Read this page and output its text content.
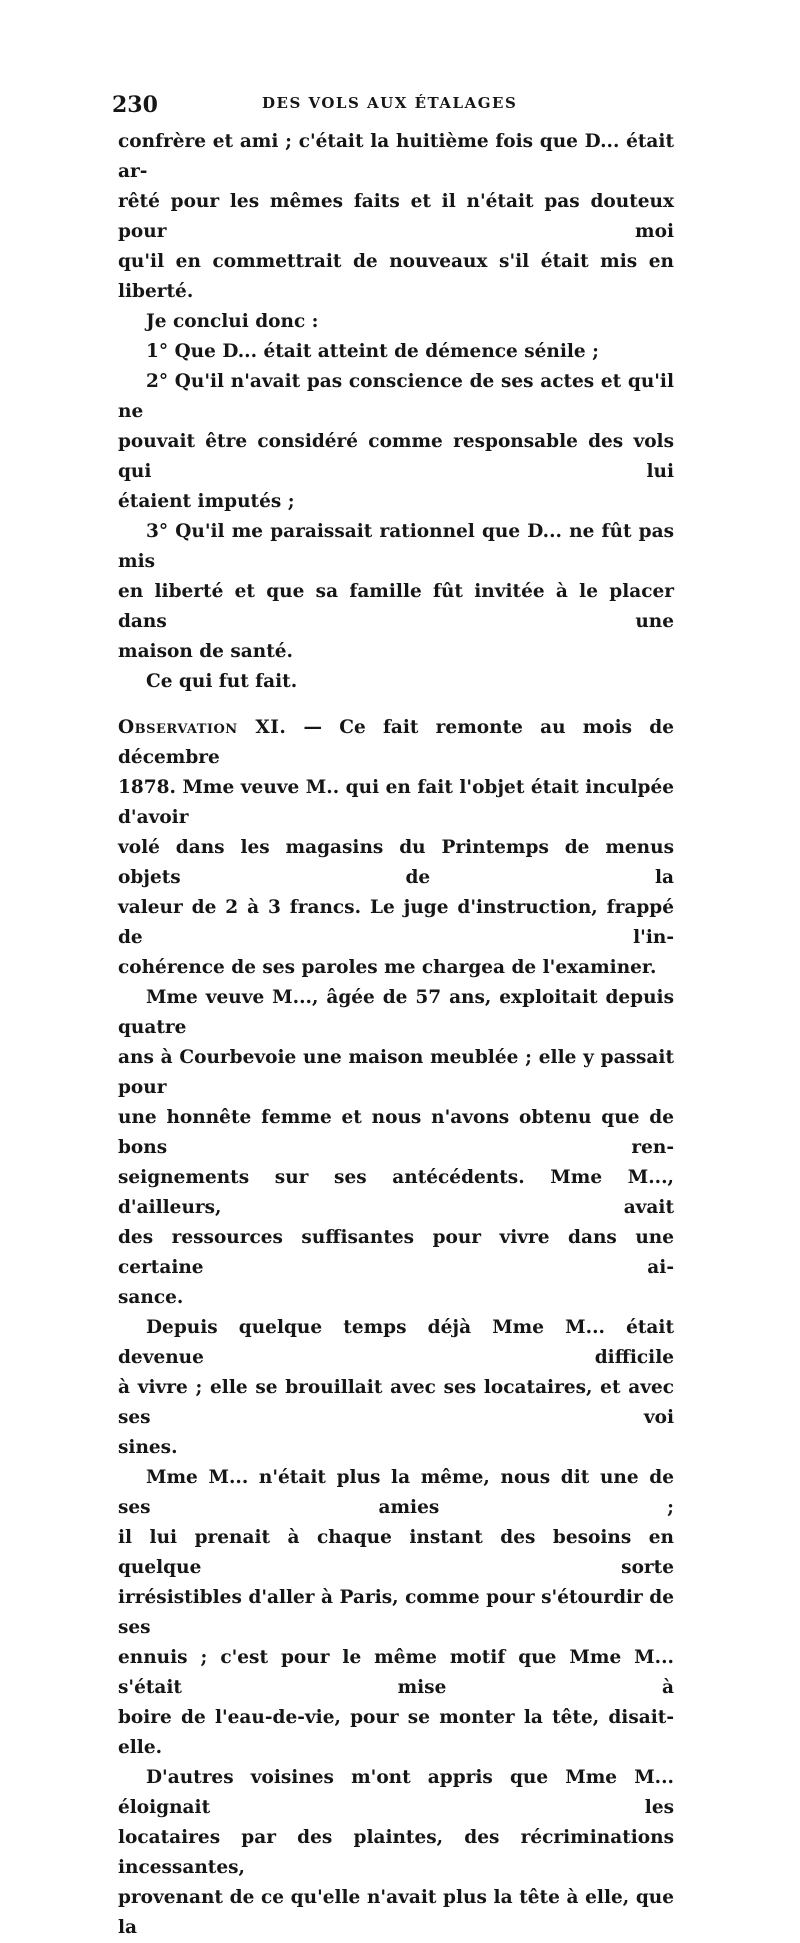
230	DES VOLS AUX ÉTALAGES

confrère et ami ; c'était la huitième fois que D... était ar-

rêté pour les mêmes faits et il n'était pas douteux pour moi

qu'il en commettrait de nouveaux s'il était mis en liberté.

Je conclui donc :

1° Que D... était atteint de démence sénile ;

2° Qu'il n'avait pas conscience de ses actes et qu'il ne

pouvait être considéré comme responsable des vols qui lui

étaient imputés ;

3° Qu'il me paraissait rationnel que D... ne fût pas mis

en liberté et que sa famille fût invitée à le placer dans une

maison de santé.

Ce qui fut fait.

Observation XI. — Ce fait remonte au mois de décembre

1878. Mme veuve M.. qui en fait l'objet était inculpée d'avoir

volé dans les magasins du Printemps de menus objets de la

valeur de 2 à 3 francs. Le juge d'instruction, frappé de l'in-

cohérence de ses paroles me chargea de l'examiner.

Mme veuve M..., âgée de 57 ans, exploitait depuis quatre

ans à Courbevoie une maison meublée ; elle y passait pour

une honnête femme et nous n'avons obtenu que de bons ren-

seignements sur ses antécédents. Mme M..., d'ailleurs, avait

des ressources suffisantes pour vivre dans une certaine ai-

sance.

Depuis quelque temps déjà Mme M... était devenue difficile

à vivre ; elle se brouillait avec ses locataires, et avec ses voi

sines.

Mme M... n'était plus la même, nous dit une de ses amies ;

il lui prenait à chaque instant des besoins en quelque sorte

irrésistibles d'aller à Paris, comme pour s'étourdir de ses

ennuis ; c'est pour le même motif que Mme M... s'était mise à

boire de l'eau-de-vie, pour se monter la tête, disait-elle.

D'autres voisines m'ont appris que Mme M... éloignait les

locataires par des plaintes, des récriminations incessantes,

provenant de ce qu'elle n'avait plus la tête à elle, que la
